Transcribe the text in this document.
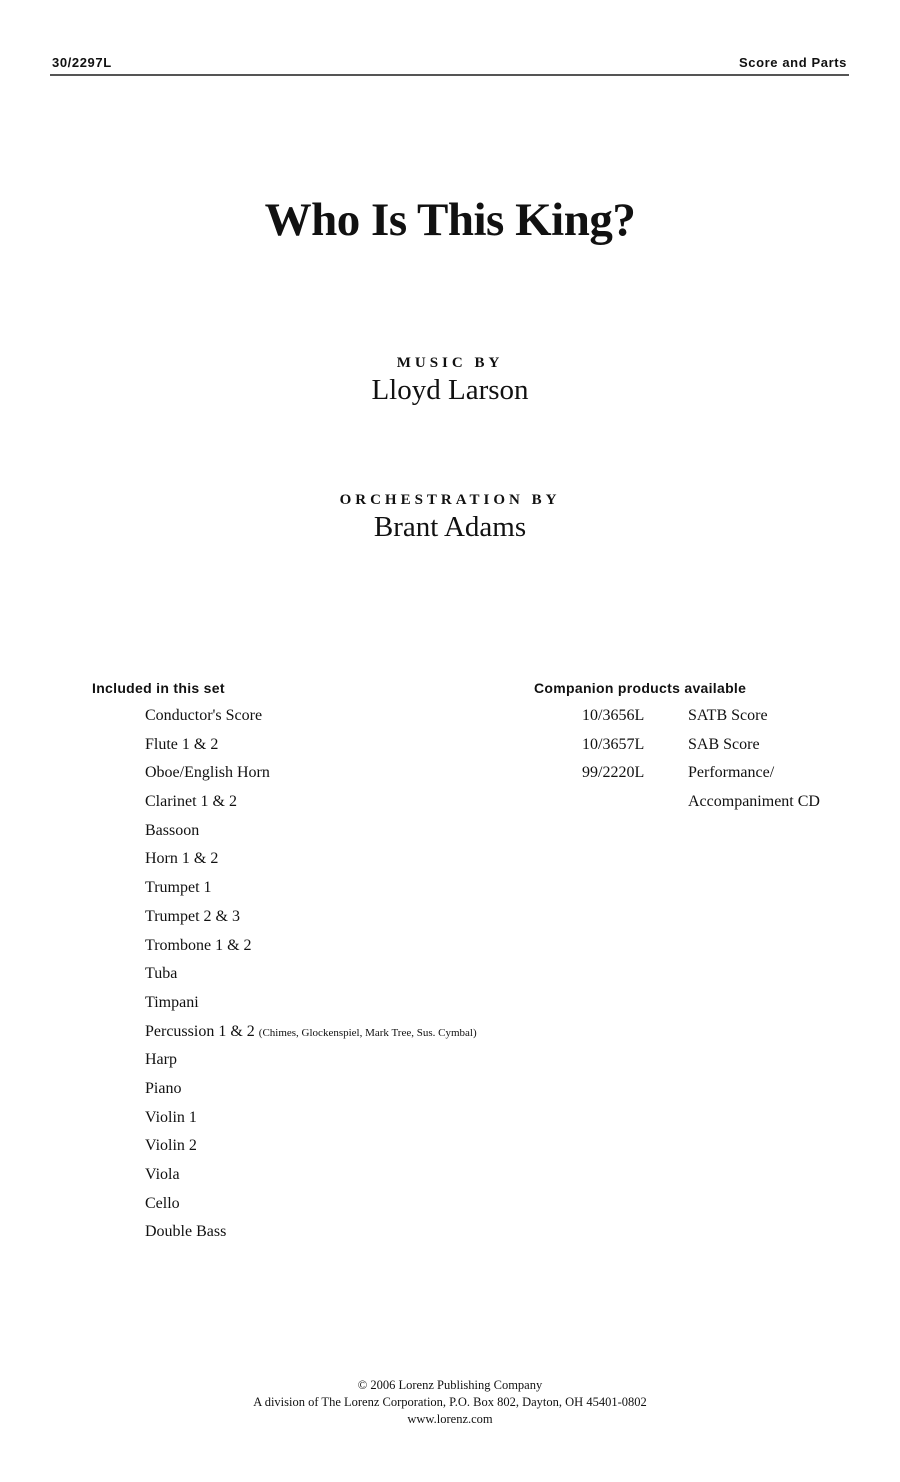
30/2297L	Score and Parts
Who Is This King?
MUSIC BY
Lloyd Larson
ORCHESTRATION BY
Brant Adams
Included in this set
Conductor's Score
Flute 1 & 2
Oboe/English Horn
Clarinet 1 & 2
Bassoon
Horn 1 & 2
Trumpet 1
Trumpet 2 & 3
Trombone 1 & 2
Tuba
Timpani
Percussion 1 & 2 (Chimes, Glockenspiel, Mark Tree, Sus. Cymbal)
Harp
Piano
Violin 1
Violin 2
Viola
Cello
Double Bass
Companion products available
10/3656L	SATB Score
10/3657L	SAB Score
99/2220L	Performance/
Accompaniment CD
© 2006 Lorenz Publishing Company
A division of The Lorenz Corporation, P.O. Box 802, Dayton, OH 45401-0802
www.lorenz.com
